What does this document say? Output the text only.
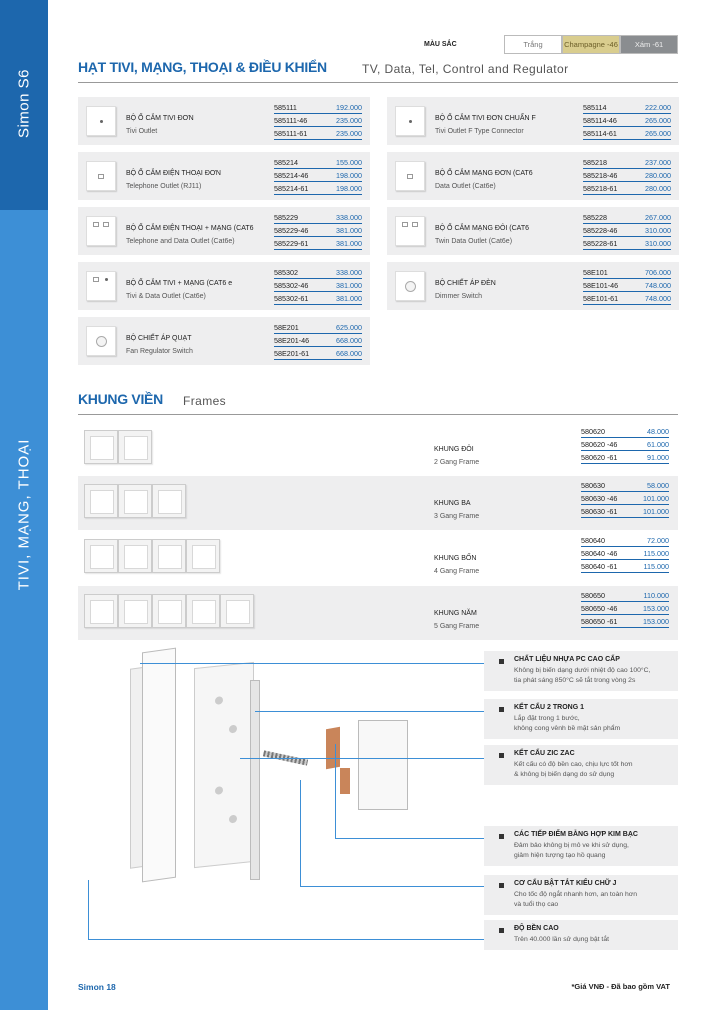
Simon S6
TIVI, MẠNG, THOẠI
MÀU SẮC	Trắng	Champagne -46	Xám -61
HẠT TIVI, MẠNG, THOẠI & ĐIỀU KHIỂN	TV, Data, Tel, Control and Regulator
BỘ Ổ CẮM TIVI ĐƠN
Tivi Outlet
585111	192.000
585111-46	235.000
585111-61	235.000
BỘ Ổ CẮM TIVI ĐƠN CHUẨN F
Tivi Outlet F Type Connector
585114	222.000
585114-46	265.000
585114-61	265.000
BỘ Ổ CẮM ĐIỆN THOẠI ĐƠN
Telephone Outlet (RJ11)
585214	155.000
585214-46	198.000
585214-61	198.000
BỘ Ổ CẮM MẠNG ĐƠN (CAT6
Data Outlet (Cat6e)
585218	237.000
585218-46	280.000
585218-61	280.000
BỘ Ổ CẮM ĐIỆN THOẠI + MẠNG (CAT6
Telephone and Data Outlet (Cat6e)
585229	338.000
585229-46	381.000
585229-61	381.000
BỘ Ổ CẮM MẠNG ĐÔI (CAT6
Twin Data Outlet (Cat6e)
585228	267.000
585228-46	310.000
585228-61	310.000
BỘ Ổ CẮM TIVI + MẠNG (CAT6 e
Tivi & Data Outlet (Cat6e)
585302	338.000
585302-46	381.000
585302-61	381.000
BỘ CHIẾT ÁP ĐÈN
Dimmer Switch
58E101	706.000
58E101-46	748.000
58E101-61	748.000
BỘ CHIẾT ÁP QUẠT
Fan Regulator Switch
58E201	625.000
58E201-46	668.000
58E201-61	668.000
KHUNG VIỀN Frames
KHUNG ĐÔI
2 Gang Frame
580620	48.000
580620 -46	61.000
580620 -61	91.000
KHUNG BA
3 Gang Frame
580630	58.000
580630 -46	101.000
580630 -61	101.000
KHUNG BỐN
4 Gang Frame
580640	72.000
580640 -46	115.000
580640 -61	115.000
KHUNG NĂM
5 Gang Frame
580650	110.000
580650 -46	153.000
580650 -61	153.000
CHẤT LIỆU NHỰA PC CAO CẤP
Không bị biến dạng dưới nhiệt độ cao 100°C,
tia phát sáng 850°C sẽ tắt trong vòng 2s
KẾT CẤU 2 TRONG 1
Lắp đặt trong 1 bước,
không cong vênh bề mặt sản phẩm
KẾT CẤU ZIC ZAC
Kết cấu có độ bền cao, chịu lực tốt hơn
& không bị biến dạng do sử dụng
CÁC TIẾP ĐIỂM BẰNG HỢP KIM BẠC
Đảm bảo không bị mô ve khi sử dụng,
giảm hiện tượng tạo hồ quang
CƠ CẤU BẬT TẮT KIỂU CHỮ J
Cho tốc độ ngắt nhanh hơn, an toàn hơn
và tuổi thọ cao
ĐỘ BỀN CAO
Trên 40.000 lần sử dụng bật tắt
Simon 18	*Giá VNĐ - Đã bao gồm VAT
